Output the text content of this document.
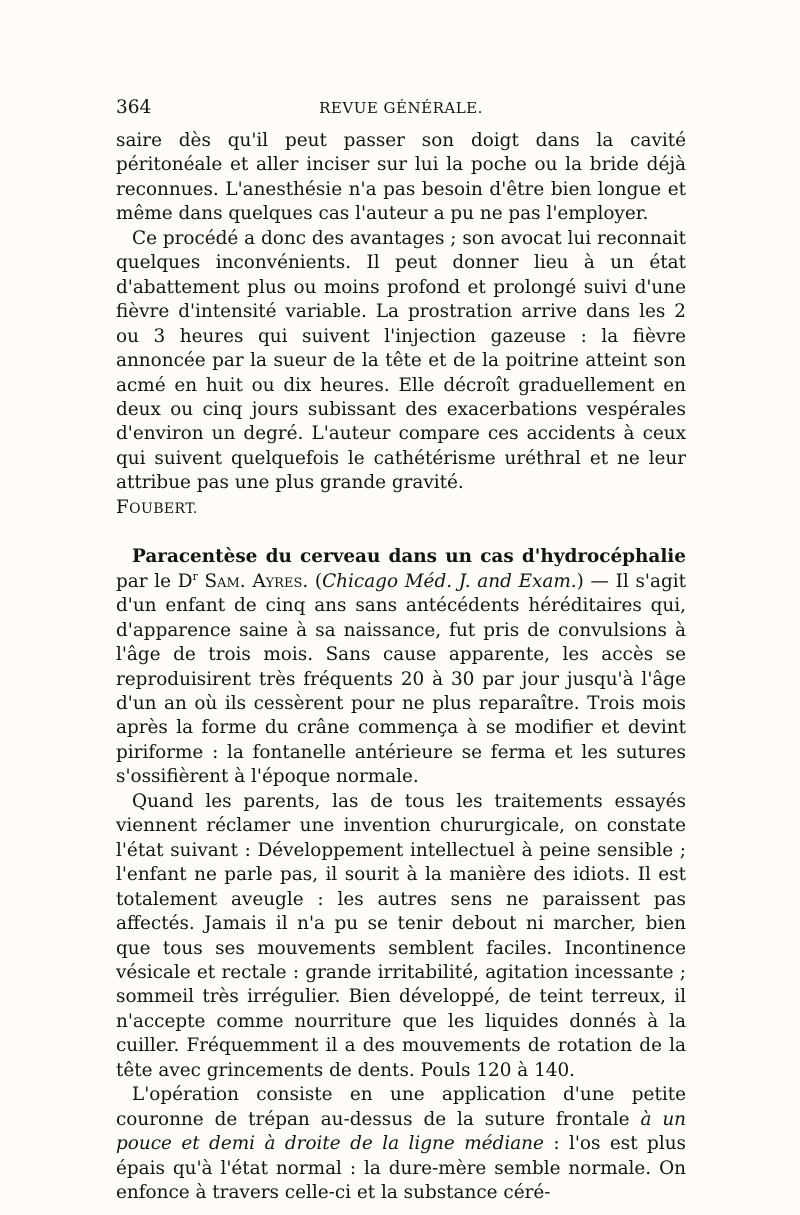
364	REVUE GÉNÉRALE.

saire dès qu'il peut passer son doigt dans la cavité péritonéale et aller inciser sur lui la poche ou la bride déjà reconnues. L'anesthésie n'a pas besoin d'être bien longue et même dans quelques cas l'auteur a pu ne pas l'employer.

Ce procédé a donc des avantages ; son avocat lui reconnait quelques inconvénients. Il peut donner lieu à un état d'abattement plus ou moins profond et prolongé suivi d'une fièvre d'intensité variable. La prostration arrive dans les 2 ou 3 heures qui suivent l'injection gazeuse : la fièvre annoncée par la sueur de la tête et de la poitrine atteint son acmé en huit ou dix heures. Elle décroît graduellement en deux ou cinq jours subissant des exacerbations vespérales d'environ un degré. L'auteur compare ces accidents à ceux qui suivent quelquefois le cathétérisme uréthral et ne leur attribue pas une plus grande gravité.

FOUBERT.

Paracentèse du cerveau dans un cas d'hydrocéphalie par le $D^r$ Sam. Ayres. (Chicago Méd. J. and Exam.) — Il s'agit d'un enfant de cinq ans sans antécédents héréditaires qui, d'apparence saine à sa naissance, fut pris de convulsions à l'âge de trois mois. Sans cause apparente, les accès se reproduisirent très fréquents 20 à 30 par jour jusqu'à l'âge d'un an où ils cessèrent pour ne plus reparaître. Trois mois après la forme du crâne commença à se modifier et devint piriforme : la fontanelle antérieure se ferma et les sutures s'ossifièrent à l'époque normale.

Quand les parents, las de tous les traitements essayés viennent réclamer une invention chururgicale, on constate l'état suivant : Développement intellectuel à peine sensible ; l'enfant ne parle pas, il sourit à la manière des idiots. Il est totalement aveugle : les autres sens ne paraissent pas affectés. Jamais il n'a pu se tenir debout ni marcher, bien que tous ses mouvements semblent faciles. Incontinence vésicale et rectale : grande irritabilité, agitation incessante ; sommeil très irrégulier. Bien développé, de teint terreux, il n'accepte comme nourriture que les liquides donnés à la cuiller. Fréquemment il a des mouvements de rotation de la tête avec grincements de dents. Pouls 120 à 140.

L'opération consiste en une application d'une petite couronne de trépan au-dessus de la suture frontale à un pouce et demi à droite de la ligne médiane : l'os est plus épais qu'à l'état normal : la dure-mère semble normale. On enfonce à travers celle-ci et la substance céré-
